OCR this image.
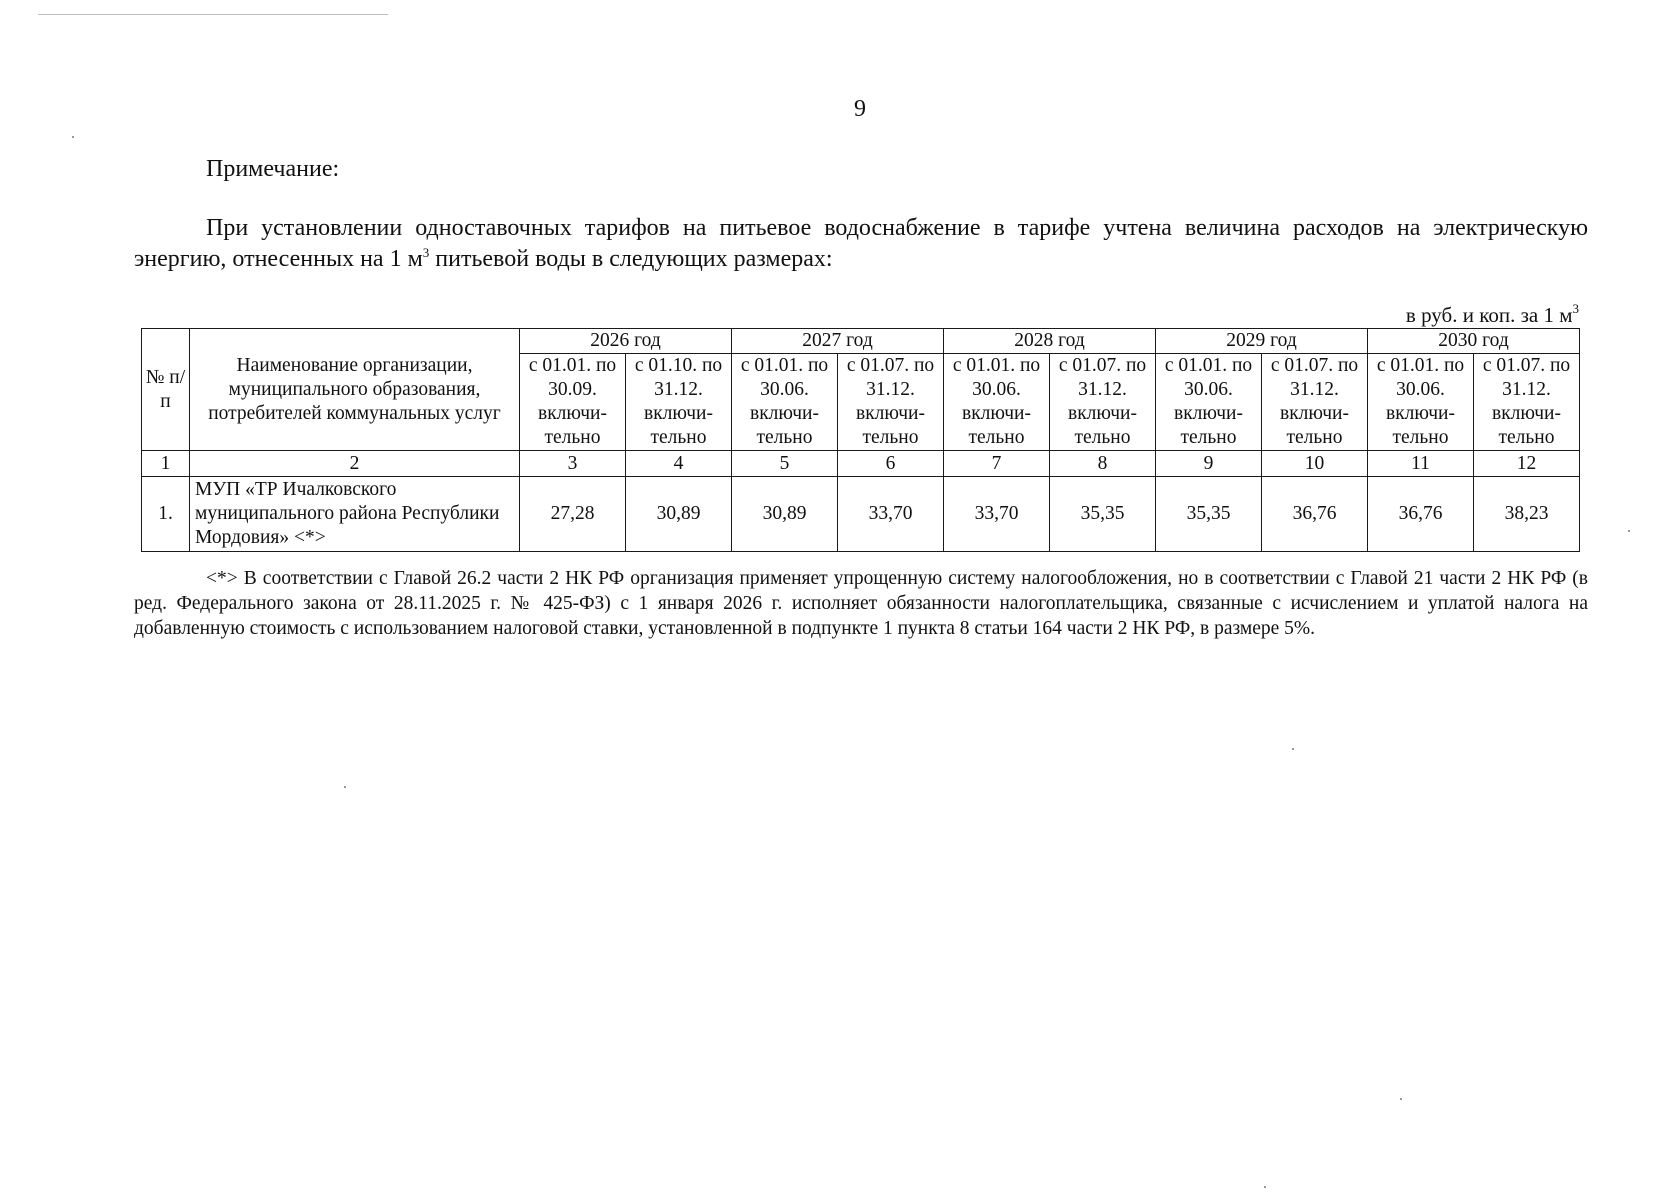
9
Примечание:

При установлении одноставочных тарифов на питьевое водоснабжение в тарифе учтена величина расходов на электрическую энергию, отнесенных на 1 $м^3$ питьевой воды в следующих размерах:

в руб. и коп. за 1 $м^3$
№ п/п	Наименование организации, муниципального образования, потребителей коммунальных услуг	2026 год		2027 год		2028 год		2029 год		2030 год	
		с 01.01. по 30.09. включи- тельно	с 01.10. по 31.12. включи- тельно	с 01.01. по 30.06. включи- тельно	с 01.07. по 31.12. включи- тельно	с 01.01. по 30.06. включи- тельно	с 01.07. по 31.12. включи- тельно	с 01.01. по 30.06. включи- тельно	с 01.07. по 31.12. включи- тельно	с 01.01. по 30.06. включи- тельно	с 01.07. по 31.12. включи- тельно
1	2	3	4	5	6	7	8	9	10	11	12
1.	МУП «ТР Ичалковского муниципального района Республики Мордовия» <*>	27,28	30,89	30,89	33,70	33,70	35,35	35,35	36,76	36,76	38,23

<*> В соответствии с Главой 26.2 части 2 НК РФ организация применяет упрощенную систему налогообложения, но в соответствии с Главой 21 части 2 НК РФ (в ред. Федерального закона от 28.11.2025 г. № 425-ФЗ) с 1 января 2026 г. исполняет обязанности налогоплательщика, связанные с исчислением и уплатой налога на добавленную стоимость с использованием налоговой ставки, установленной в подпункте 1 пункта 8 статьи 164 части 2 НК РФ, в размере 5%.
